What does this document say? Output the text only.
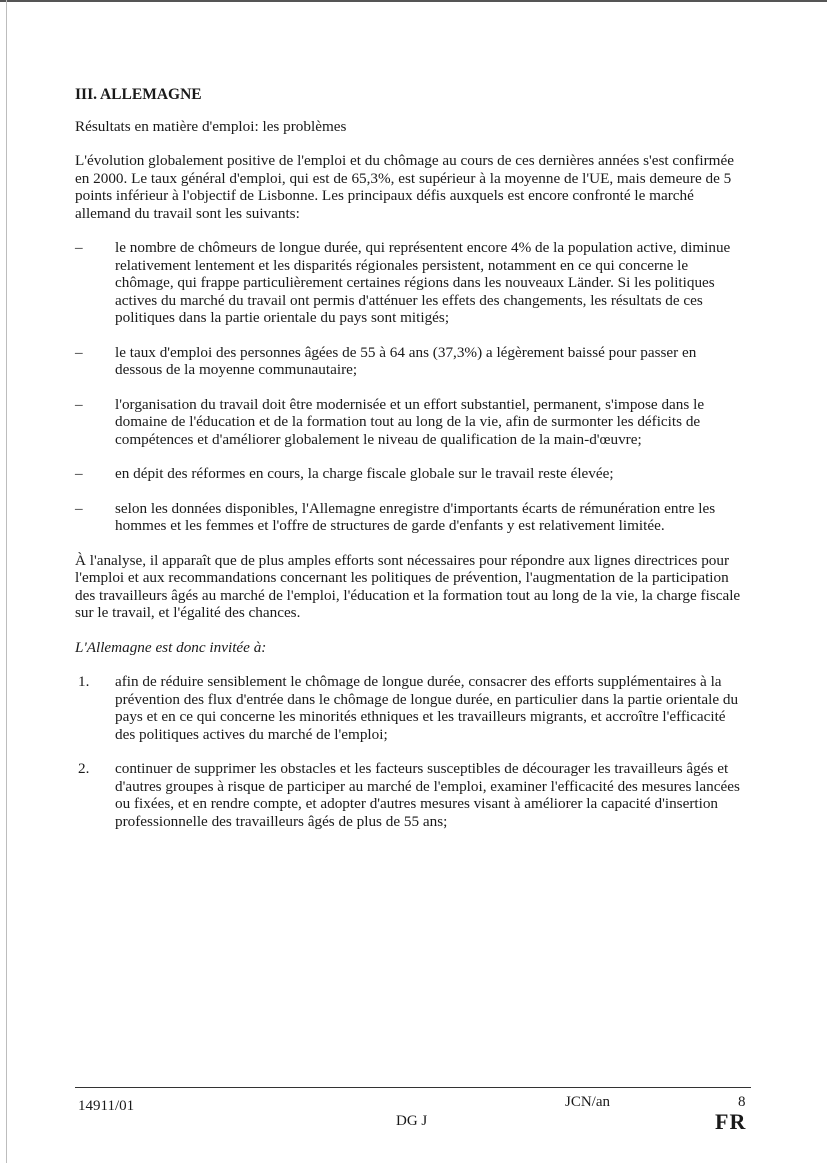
III. ALLEMAGNE
Résultats en matière d'emploi: les problèmes

L'évolution globalement positive de l'emploi et du chômage au cours de ces dernières années s'est confirmée en 2000. Le taux général d'emploi, qui est de 65,3%, est supérieur à la moyenne de l'UE, mais demeure de 5 points inférieur à l'objectif de Lisbonne. Les principaux défis auxquels est encore confronté le marché allemand du travail sont les suivants:

–	le nombre de chômeurs de longue durée, qui représentent encore 4% de la population active, diminue relativement lentement et les disparités régionales persistent, notamment en ce qui concerne le chômage, qui frappe particulièrement certaines régions dans les nouveaux Länder. Si les politiques actives du marché du travail ont permis d'atténuer les effets des changements, les résultats de ces politiques dans la partie orientale du pays sont mitigés;
–	le taux d'emploi des personnes âgées de 55 à 64 ans (37,3%) a légèrement baissé pour passer en dessous de la moyenne communautaire;
–	l'organisation du travail doit être modernisée et un effort substantiel, permanent, s'impose dans le domaine de l'éducation et de la formation tout au long de la vie, afin de surmonter les déficits de compétences et d'améliorer globalement le niveau de qualification de la main-d'œuvre;
–	en dépit des réformes en cours, la charge fiscale globale sur le travail reste élevée;
–	selon les données disponibles, l'Allemagne enregistre d'importants écarts de rémunération entre les hommes et les femmes et l'offre de structures de garde d'enfants y est relativement limitée.

À l'analyse, il apparaît que de plus amples efforts sont nécessaires pour répondre aux lignes directrices pour l'emploi et aux recommandations concernant les politiques de prévention, l'augmentation de la participation des travailleurs âgés au marché de l'emploi, l'éducation et la formation tout au long de la vie, la charge fiscale sur le travail, et l'égalité des chances.

L'Allemagne est donc invitée à:
1.	afin de réduire sensiblement le chômage de longue durée, consacrer des efforts supplémentaires à la prévention des flux d'entrée dans le chômage de longue durée, en particulier dans la partie orientale du pays et en ce qui concerne les minorités ethniques et les travailleurs migrants, et accroître l'efficacité des politiques actives du marché de l'emploi;
2.	continuer de supprimer les obstacles et les facteurs susceptibles de décourager les travailleurs âgés et d'autres groupes à risque de participer au marché de l'emploi, examiner l'efficacité des mesures lancées ou fixées, et en rendre compte, et adopter d'autres mesures visant à améliorer la capacité d'insertion professionnelle des travailleurs âgés de plus de 55 ans;
14911/01
DG J
JCN/an	8
FR
